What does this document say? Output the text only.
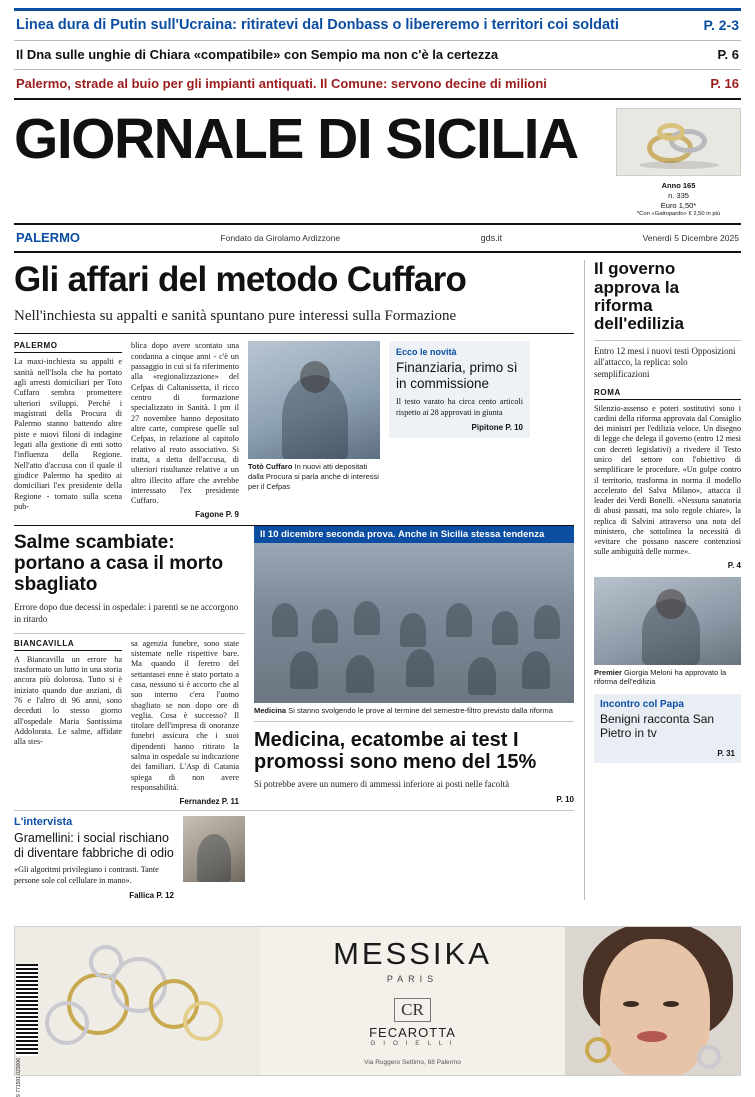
Linea dura di Putin sull'Ucraina: ritiratevi dal Donbass o libereremo i territori coi soldati	P. 2-3
Il Dna sulle unghie di Chiara «compatibile» con Sempio ma non c'è la certezza	P. 6
Palermo, strade al buio per gli impianti antiquati. Il Comune: servono decine di milioni	P. 16
GIORNALE DI SICILIA
Anno 165
n. 335
Euro 1,50*
*Con «Gattopardo» € 2,50 in più
PALERMO	Fondato da Girolamo Ardizzone	gds.it	Venerdì 5 Dicembre 2025
Gli affari del metodo Cuffaro
Nell'inchiesta su appalti e sanità spuntano pure interessi sulla Formazione
PALERMO
La maxi-inchiesta su appalti e sanità nell'Isola che ha portato agli arresti domiciliari per Toto Cuffaro sembra promettere ulteriori sviluppi. Perché i magistrati della Procura di Palermo stanno battendo altre piste e nuovi filoni di indagine legati alla gestione di enti sotto l'influenza della Regione. Nell'atto d'accusa con il quale il giudice Palermo ha spedito ai domiciliari l'ex presidente della Regione - tornato sulla scena pub-
blica dopo avere scontato una condanna a cinque anni - c'è un passaggio in cui si fa riferimento alla «regionalizzazione» del Cefpas di Caltanissetta, il ricco centro di formazione specializzato in Sanità. I pm il 27 novembre hanno depositato altre carte, comprese quelle sul Cefpas, in relazione al capitolo relativo al reato associativo. Si tratta, a detta dell'accusa, di ulteriori risultanze relative a un altro illecito affare che avrebbe interessato l'ex presidente Cuffaro.
Fagone P. 9
Totò Cuffaro In nuovi atti depositati dalla Procura si parla anche di interessi per il Cefpas
Ecco le novità
Finanziaria, primo sì in commissione
Il testo varato ha circa cento articoli rispetto ai 28 approvati in giunta
Pipitone P. 10
Salme scambiate: portano a casa il morto sbagliato
Errore dopo due decessi in ospedale: i parenti se ne accorgono in ritardo
BIANCAVILLA
A Biancavilla un errore ha trasformato un lutto in una storia ancora più dolorosa. Tutto si è iniziato quando due anziani, di 76 e l'altro di 96 anni, sono deceduti lo stesso giorno all'ospedale Maria Santissima Addolorata. Le salme, affidate alla stes-
sa agenzia funebre, sono state sistemate nelle rispettive bare. Ma quando il feretro del settantasei enne è stato portato a casa, nessuno si è accorto che al suo interno c'era l'uomo sbagliato se non dopo ore di veglia. Cosa è successo? Il titolare dell'impresa di onoranze funebri assicura che i suoi dipendenti hanno ritirato la salma in ospedale su indicazione dei familiari. L'Asp di Catania spiega di non avere responsabilità.
Fernandez P. 11
Il 10 dicembre seconda prova. Anche in Sicilia stessa tendenza
Medicina Si stanno svolgendo le prove al termine del semestre-filtro previsto dalla riforma
Medicina, ecatombe ai test I promossi sono meno del 15%
Si potrebbe avere un numero di ammessi inferiore ai posti nelle facoltà
P. 10
L'intervista
Gramellini: i social rischiano di diventare fabbriche di odio
«Gli algoritmi privilegiano i contrasti. Tante persone sole col cellulare in mano».
Fallica P. 12
Il governo approva la riforma dell'edilizia
Entro 12 mesi i nuovi testi Opposizioni all'attacco, la replica: solo semplificazioni
ROMA
Silenzio-assenso e poteri sostitutivi sono i cardini della riforma approvata dal Consiglio dei ministri per l'edilizia veloce. Un disegno di legge che delega il governo (entro 12 mesi con decreti legislativi) a rivedere il Testo unico del settore con l'obiettivo di semplificare le procedure. «Un golpe contro il territorio, trasforma in norma il modello accelerato del Salva Milano», attacca il leader dei Verdi Bonelli. «Nessuna sanatoria di abusi passati, ma solo regole chiare», la replica di Salvini attraverso una nota del ministero, che sottolinea la necessità di «evitare che possano nascere contenziosi sulle ambiguità delle norme».
P. 4
Premier Giorgia Meloni ha approvato la riforma dell'edilizia
Incontro col Papa
Benigni racconta San Pietro in tv
P. 31
MESSIKA
PARIS
CR
FECAROTTA
G I O I E L L I
Via Ruggero Settimo, 68 Palermo
9 771591 023006
